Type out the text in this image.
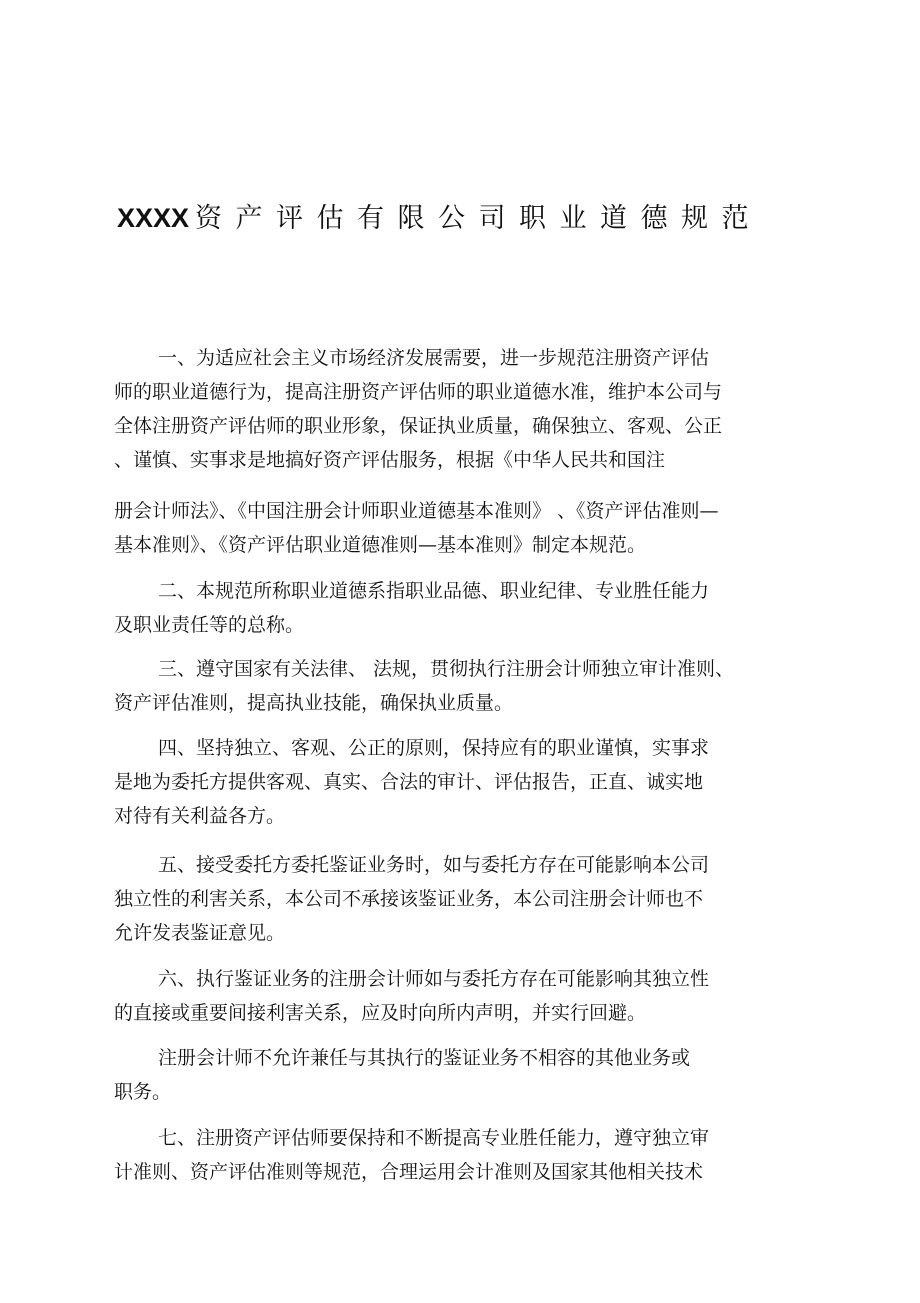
XXXX 资产评估有限公司职业道德规范
一、为适应社会主义市场经济发展需要，进一步规范注册资产评估
师的职业道德行为，提高注册资产评估师的职业道德水准，维护本公司与
全体注册资产评估师的职业形象，保证执业质量，确保独立、客观、公正
、谨慎、实事求是地搞好资产评估服务，根据《中华人民共和国注
册会计师法》、《中国注册会计师职业道德基本准则》 、《资产评估准则—
基本准则》、《资产评估职业道德准则—基本准则》制定本规范。
二、本规范所称职业道德系指职业品德、职业纪律、专业胜任能力
及职业责任等的总称。
三、遵守国家有关法律、 法规，贯彻执行注册会计师独立审计准则、
资产评估准则，提高执业技能，确保执业质量。
四、坚持独立、客观、公正的原则，保持应有的职业谨慎，实事求
是地为委托方提供客观、真实、合法的审计、评估报告，正直、诚实地
对待有关利益各方。
五、接受委托方委托鉴证业务时，如与委托方存在可能影响本公司
独立性的利害关系，本公司不承接该鉴证业务，本公司注册会计师也不
允许发表鉴证意见。
六、执行鉴证业务的注册会计师如与委托方存在可能影响其独立性
的直接或重要间接利害关系，应及时向所内声明，并实行回避。
注册会计师不允许兼任与其执行的鉴证业务不相容的其他业务或
职务。
七、注册资产评估师要保持和不断提高专业胜任能力，遵守独立审
计准则、资产评估准则等规范，合理运用会计准则及国家其他相关技术
